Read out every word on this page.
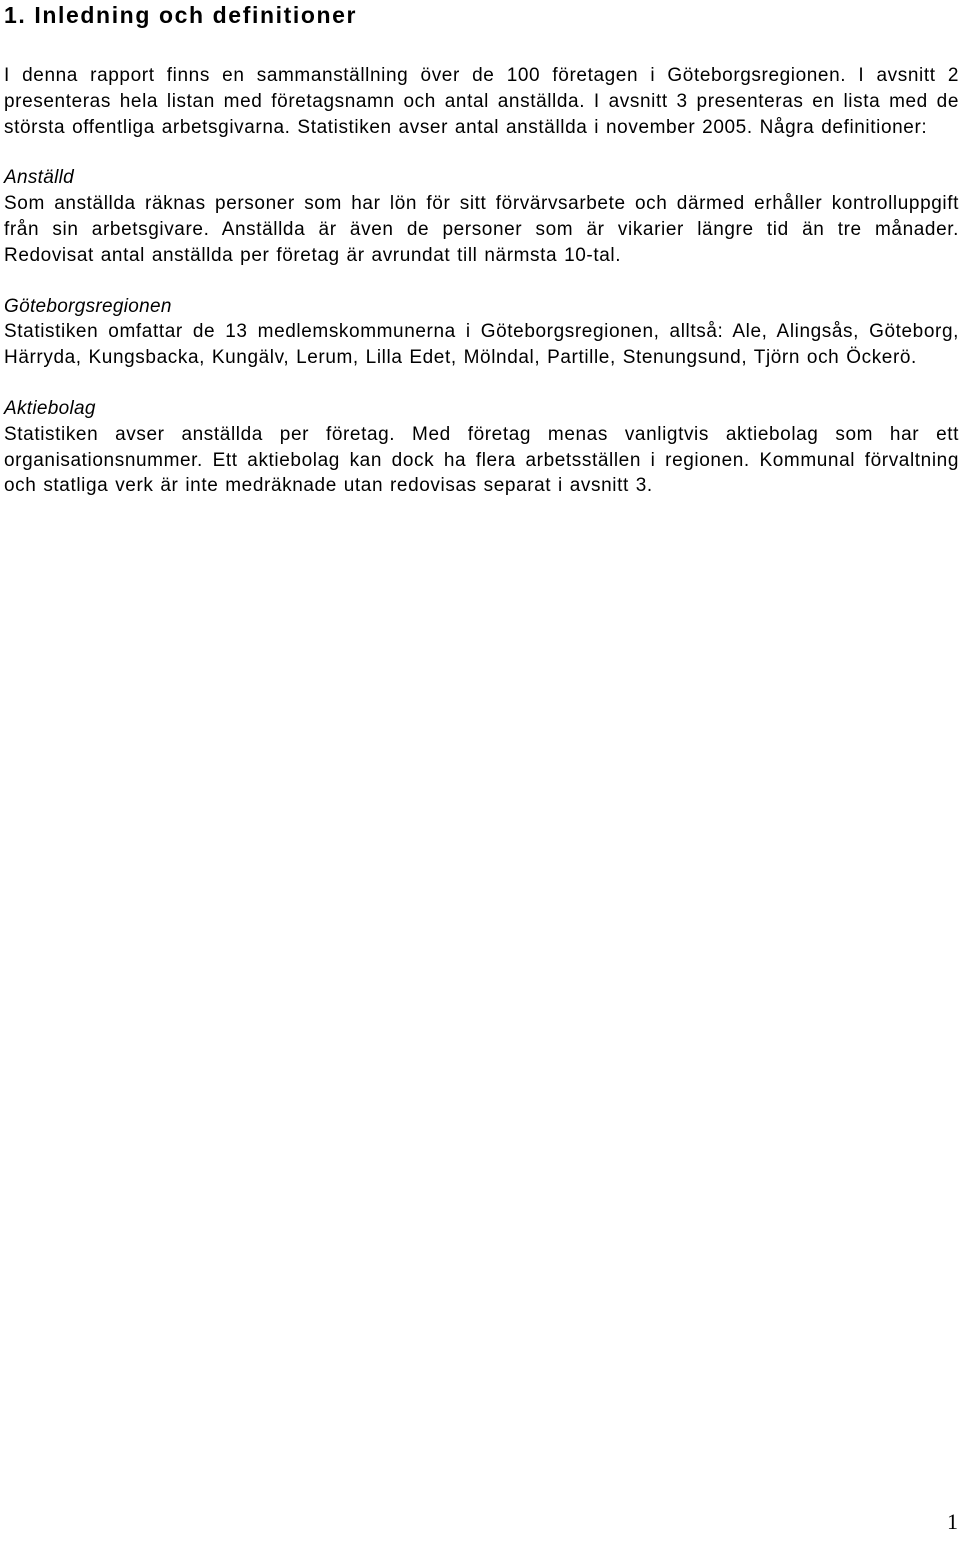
1. Inledning och definitioner

I denna rapport finns en sammanställning över de 100 företagen i Göteborgsregionen. I avsnitt 2 presenteras hela listan med företagsnamn och antal anställda. I avsnitt 3 presenteras en lista med de största offentliga arbetsgivarna. Statistiken avser antal anställda i november 2005. Några definitioner:

Anställd

Som anställda räknas personer som har lön för sitt förvärvsarbete och därmed erhåller kontrolluppgift från sin arbetsgivare. Anställda är även de personer som är vikarier längre tid än tre månader. Redovisat antal anställda per företag är avrundat till närmsta 10-tal.

Göteborgsregionen

Statistiken omfattar de 13 medlemskommunerna i Göteborgsregionen, alltså: Ale, Alingsås, Göteborg, Härryda, Kungsbacka, Kungälv, Lerum, Lilla Edet, Mölndal, Partille, Stenungsund, Tjörn och Öckerö.

Aktiebolag

Statistiken avser anställda per företag. Med företag menas vanligtvis aktiebolag som har ett organisationsnummer. Ett aktiebolag kan dock ha flera arbetsställen i regionen. Kommunal förvaltning och statliga verk är inte medräknade utan redovisas separat i avsnitt 3.

1
